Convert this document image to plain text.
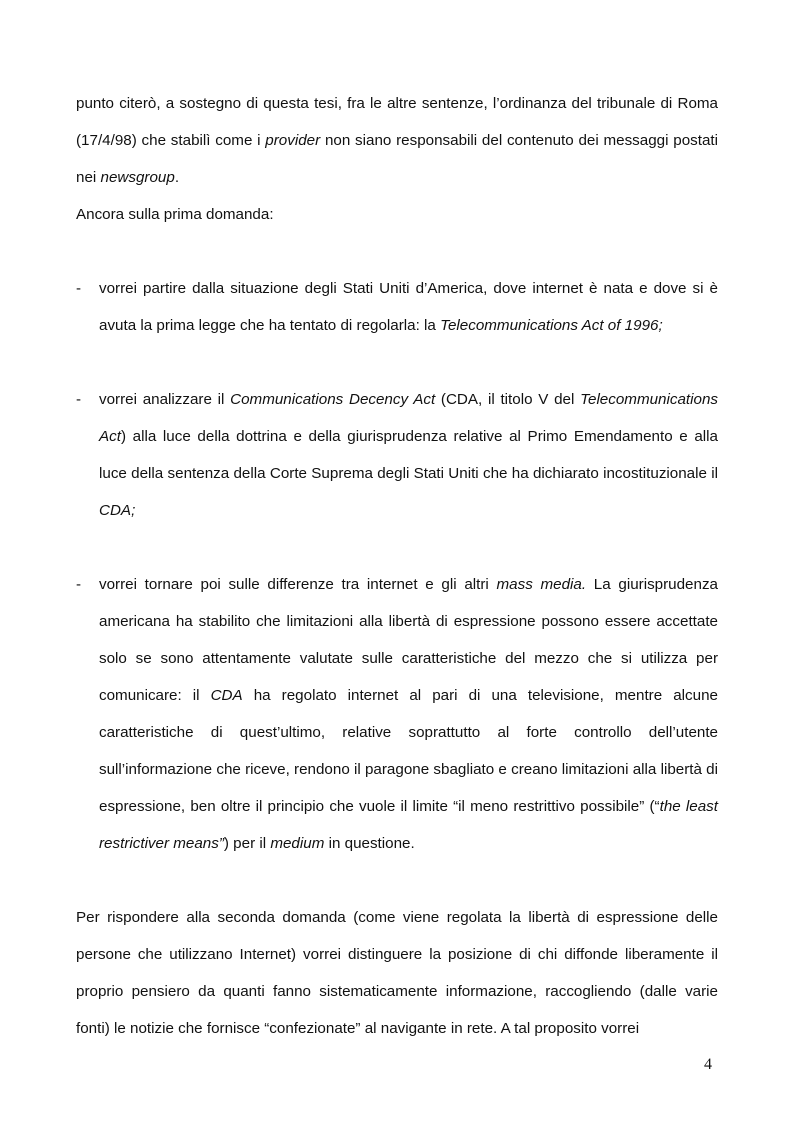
punto citerò, a sostegno di questa tesi, fra le altre sentenze, l’ordinanza del tribunale di Roma (17/4/98) che stabilì come i provider non siano responsabili del contenuto dei messaggi postati nei newsgroup.

Ancora sulla prima domanda:

- vorrei partire dalla situazione degli Stati Uniti d’America, dove internet è nata e dove si è avuta la prima legge che ha tentato di regolarla: la Telecommunications Act of 1996;
- vorrei analizzare il Communications Decency Act (CDA, il titolo V del Telecommunications Act) alla luce della dottrina e della giurisprudenza relative al Primo Emendamento e alla luce della sentenza della Corte Suprema degli Stati Uniti che ha dichiarato incostituzionale il CDA;
- vorrei tornare poi sulle differenze tra internet e gli altri mass media. La giurisprudenza americana ha stabilito che limitazioni alla libertà di espressione possono essere accettate solo se sono attentamente valutate sulle caratteristiche del mezzo che si utilizza per comunicare: il CDA ha regolato internet al pari di una televisione, mentre alcune caratteristiche di quest’ultimo, relative soprattutto al forte controllo dell’utente sull’informazione che riceve, rendono il paragone sbagliato e creano limitazioni alla libertà di espressione, ben oltre il principio che vuole il limite “il meno restrittivo possibile” (“the least restrictiver means”) per il medium in questione.

Per rispondere alla seconda domanda (come viene regolata la libertà di espressione delle persone che utilizzano Internet) vorrei distinguere la posizione di chi diffonde liberamente il proprio pensiero da quanti fanno sistematicamente informazione, raccogliendo (dalle varie fonti) le notizie che fornisce “confezionate” al navigante in rete. A tal proposito vorrei

4
